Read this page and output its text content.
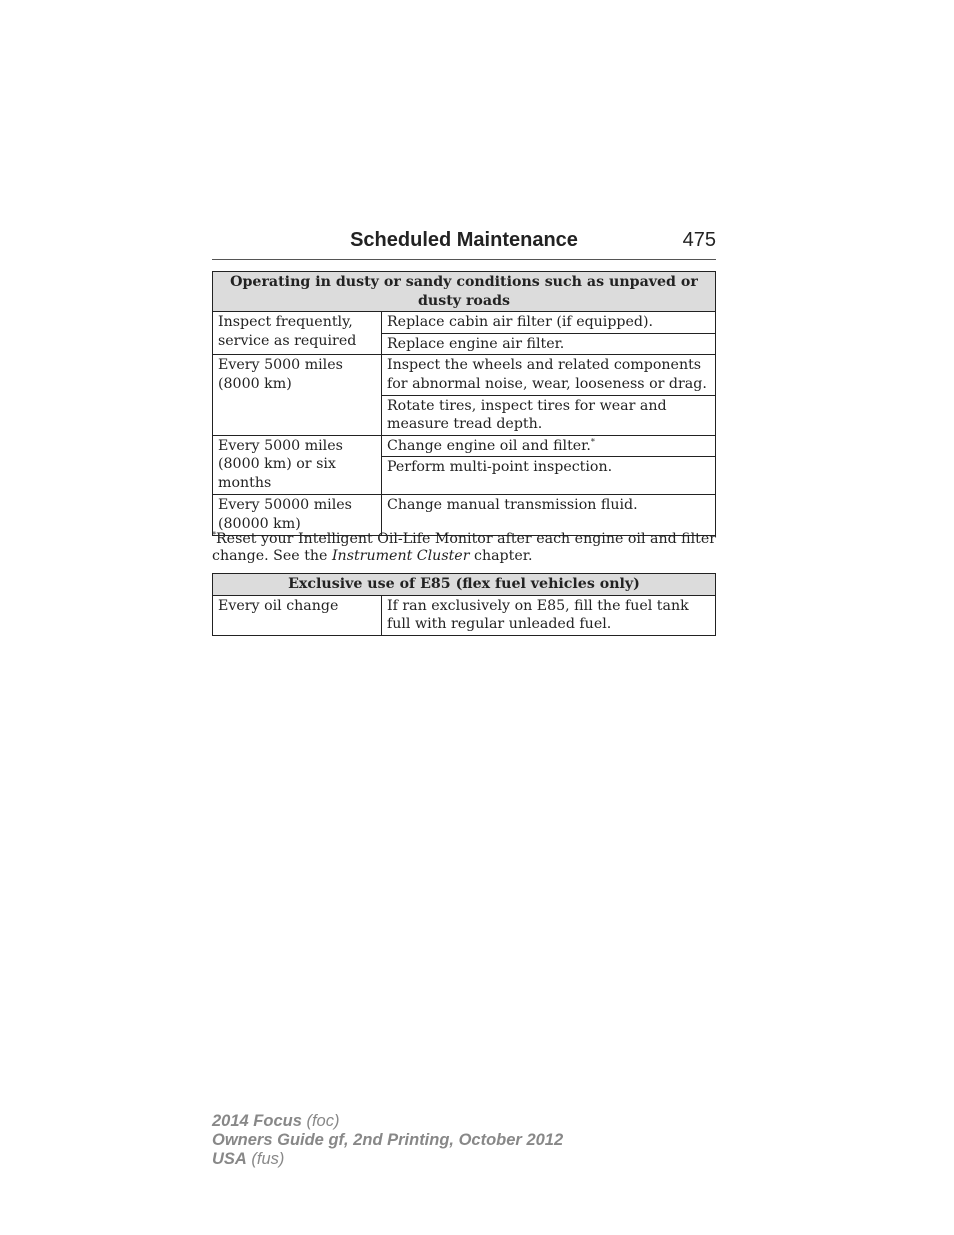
Scheduled Maintenance	475
Operating in dusty or sandy conditions such as unpaved or dusty roads	
Inspect frequently, service as required	Replace cabin air filter (if equipped).
	Replace engine air filter.
Every 5000 miles (8000 km)	Inspect the wheels and related components for abnormal noise, wear, looseness or drag.
	Rotate tires, inspect tires for wear and measure tread depth.
Every 5000 miles (8000 km) or six months	Change engine oil and filter.*
	Perform multi-point inspection.
Every 50000 miles (80000 km)	Change manual transmission fluid.
*Reset your Intelligent Oil-Life Monitor after each engine oil and filter change. See the Instrument Cluster chapter.
Exclusive use of E85 (flex fuel vehicles only)
Every oil change	If ran exclusively on E85, fill the fuel tank full with regular unleaded fuel.
2014 Focus (foc)
Owners Guide gf, 2nd Printing, October 2012
USA (fus)
